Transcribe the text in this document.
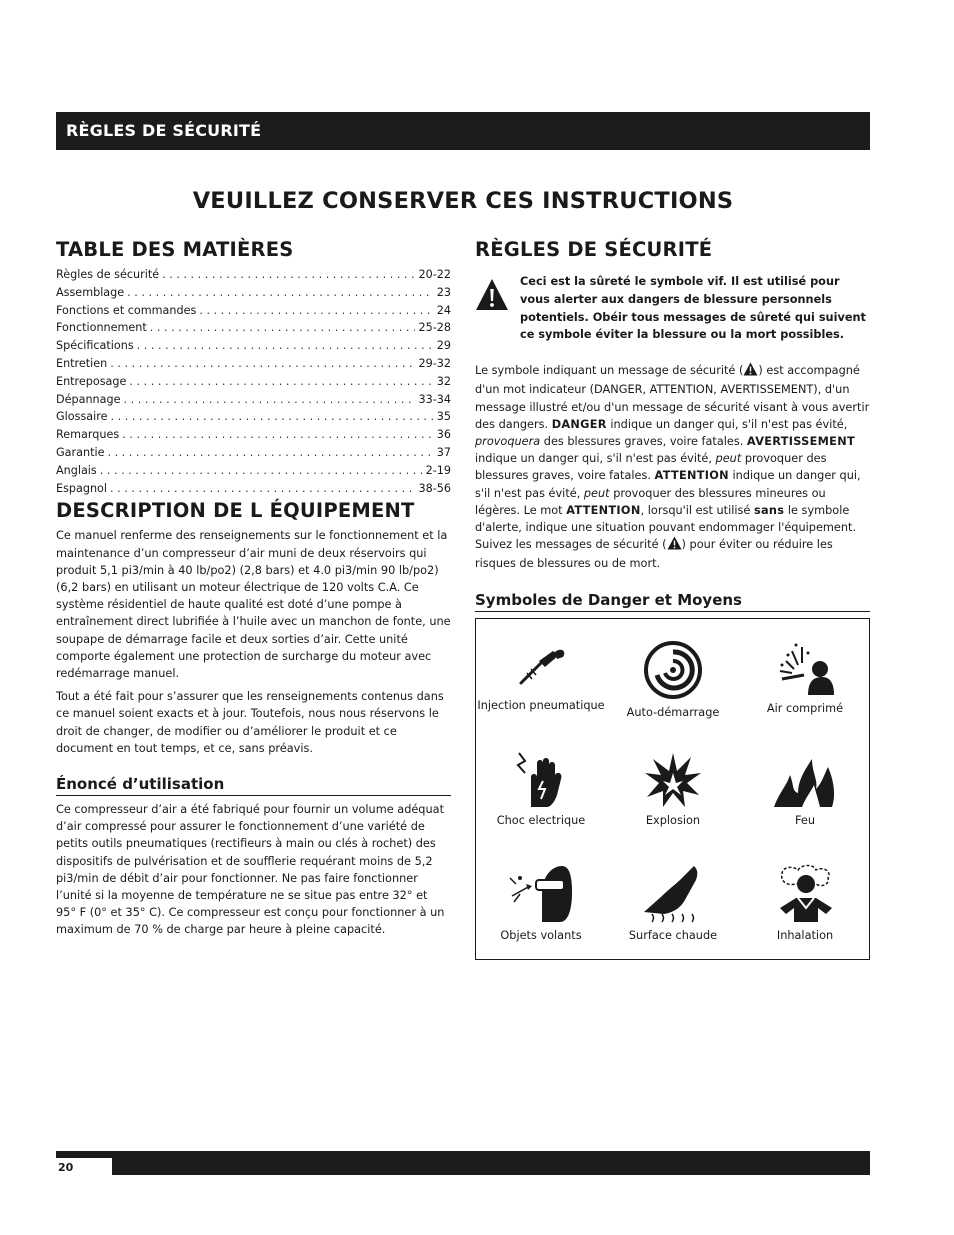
RÈGLES DE SÉCURITÉ
VEUILLEZ CONSERVER CES INSTRUCTIONS
TABLE DES MATIÈRES
Règles de sécurité . . .	20-22
Assemblage . . .	23
Fonctions et commandes . . .	24
Fonctionnement . . .	25-28
Spécifications . . .	29
Entretien . . .	29-32
Entreposage . . .	32
Dépannage . . .	33-34
Glossaire . . .	35
Remarques . . .	36
Garantie . . .	37
Anglais . . .	2-19
Espagnol . . .	38-56
DESCRIPTION DE L ÉQUIPEMENT

Ce manuel renferme des renseignements sur le fonctionnement et la maintenance d’un compresseur d’air muni de deux réservoirs qui produit 5,1 pi3/min à 40 lb/po2) (2,8 bars) et 4.0 pi3/min 90 lb/po2) (6,2 bars) en utilisant un moteur électrique de 120 volts C.A. Ce système résidentiel de haute qualité est doté d’une pompe à entraînement direct lubrifiée à l’huile avec un manchon de fonte, une soupape de démarrage facile et deux sorties d’air. Cette unité comporte également une protection de surcharge du moteur avec redémarrage manuel.

Tout a été fait pour s’assurer que les renseignements contenus dans ce manuel soient exacts et à jour. Toutefois, nous nous réservons le droit de changer, de modifier ou d’améliorer le produit et ce document en tout temps, et ce, sans préavis.

Énoncé d’utilisation

Ce compresseur d’air a été fabriqué pour fournir un volume adéquat d’air compressé pour assurer le fonctionnement d’une variété de petits outils pneumatiques (rectifieurs à main ou clés à rochet) des dispositifs de pulvérisation et de soufflerie requérant moins de 5,2 pi3/min de débit d’air pour fonctionner. Ne pas faire fonctionner l’unité si la moyenne de température ne se situe pas entre 32° et 95° F (0° et 35° C). Ce compresseur est conçu pour fonctionner à un maximum de 70 % de charge par heure à pleine capacité.

RÈGLES DE SÉCURITÉ
Ceci est la sûreté le symbole vif. Il est utilisé pour vous alerter aux dangers de blessure personnels potentiels. Obéir tous messages de sûreté qui suivent ce symbole éviter la blessure ou la mort possibles.
Le symbole indiquant un message de sécurité ( ) est accompagné d'un mot indicateur (DANGER, ATTENTION, AVERTISSEMENT), d'un message illustré et/ou d'un message de sécurité visant à vous avertir des dangers. DANGER indique un danger qui, s'il n'est pas évité, provoquera des blessures graves, voire fatales. AVERTISSEMENT indique un danger qui, s'il n'est pas évité, peut provoquer des blessures graves, voire fatales. ATTENTION indique un danger qui, s'il n'est pas évité, peut provoquer des blessures mineures ou légères. Le mot ATTENTION, lorsqu'il est utilisé sans le symbole d'alerte, indique une situation pouvant endommager l'équipement. Suivez les messages de sécurité ( ) pour éviter ou réduire les risques de blessures ou de mort.
Symboles de Danger et Moyens
Injection pneumatique
Auto-démarrage	Air comprimé
Choc electrique	Explosion	Feu
Objets volants	Surface chaude	Inhalation
20
